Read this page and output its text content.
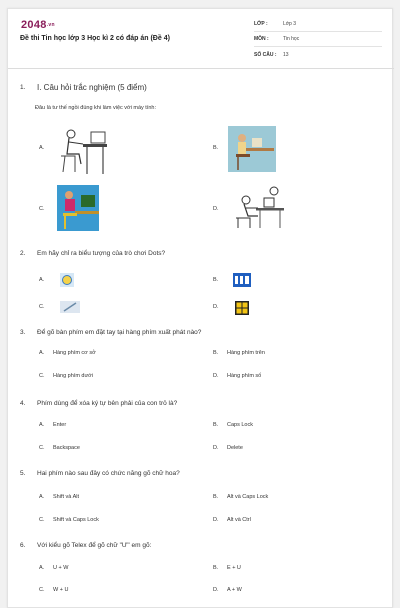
2048.vn
Đề thi Tin học lớp 3 Học kì 2 có đáp án (Đề 4)
LỚP :	Lớp 3
MÔN :	Tin học
SỐ CÂU :	13
1.	I. Câu hỏi trắc nghiệm (5 điểm)
Đâu là tư thế ngồi đúng khi làm việc với máy tính:
A.	B.
C.	D.
2.	Em hãy chỉ ra biểu tượng của trò chơi Dots?
A.	B.
C.	D.
3.	Để gõ bàn phím em đặt tay tại hàng phím xuất phát nào?
A. Hàng phím cơ sở	B. Hàng phím trên
C. Hàng phím dưới	D. Hàng phím số
4.	Phím dùng để xóa ký tự bên phải của con trỏ là?
A. Enter	B. Caps Lock
C. Backspace	D. Delete
5.	Hai phím nào sau đây có chức năng gõ chữ hoa?
A. Shift và Alt	B. Alt và Caps Lock
C. Shift và Caps Lock	D. Alt và Ctrl
6.	Với kiểu gõ Telex để gõ chữ "Ư" em gõ:
A. U + W	B. E + U
C. W + U	D. A + W
